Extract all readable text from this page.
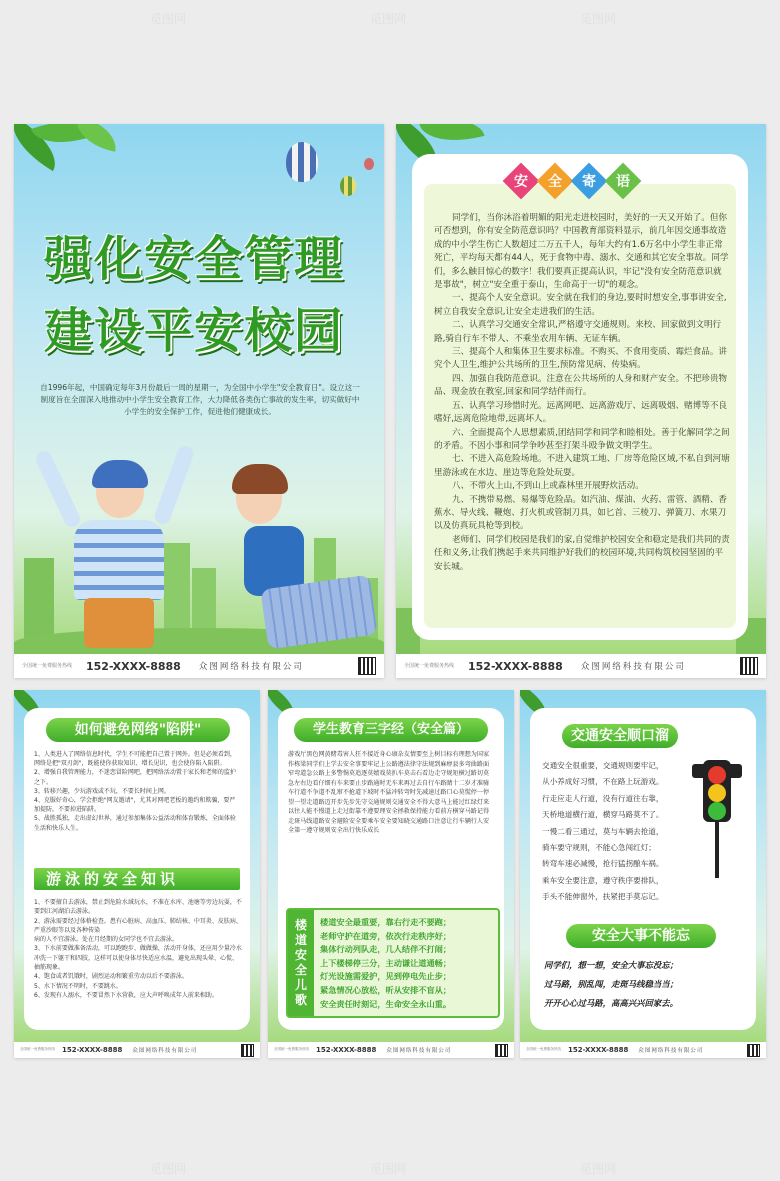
觅图网	觅图网	觅图网
觅图网	觅图网	觅图网
强化安全管理
建设平安校园
自1996年起，中国确定每年3月份最后一周的星期一，为全国中小学生"安全教育日"。设立这一制度旨在全面深入地推动中小学生安全教育工作，大力降低各类伤亡事故的发生率，切实做好中小学生的安全保护工作，促进他们健康成长。
全国统一免费服务热线	152-XXXX-8888 众图网络科技有限公司
安 全 寄 语

同学们，当你沐浴着明媚的阳光走进校园时，美好的一天又开始了。但你可否想到，你有安全防范意识吗？中国教育部资料显示，前几年因交通事故造成的中小学生伤亡人数超过二万五千人，每年大约有1.6万名中小学生非正常死亡，平均每天都有44人，死于食物中毒、溺水、交通和其它安全事故。同学们，多么触目惊心的数字！我们要真正提高认识，牢记"没有安全防范意识就是事故"，树立"安全重于泰山，生命高于一切"的观念。

一、提高个人安全意识。安全就在我们的身边,要时时想安全,事事讲安全,树立自我安全意识,让安全走进我们的生活。

二、认真学习交通安全常识,严格遵守交通规则。来校、回家做到文明行路,骑自行车不带人、不乘坐农用车辆、无证车辆。

三、提高个人和集体卫生要求标准。不购买、不食用变质、霉烂食品。讲究个人卫生,维护公共场所的卫生,预防常见病、传染病。

四、加强自我防范意识。注意在公共场所的人身和财产安全。不把珍贵物品、现金放在教室,回家和同学结伴而行。

五、认真学习珍惜时光。远离网吧、远离游戏厅、远离吸烟、赌博等不良嗜好,远离危险地带,远离坏人。

六、全面提高个人思想素质,团结同学和同学和睦相处。善于化解同学之间的矛盾。不因小事和同学争吵甚至打架斗殴争做文明学生。

七、不进入高危险场地。不进入建筑工地、厂房等危险区域,不私自到河塘里游泳或在水边、崖边等危险处玩耍。

八、不带火上山,不到山上或森林里开展野炊活动。

九、不携带易燃、易爆等危险品。如汽油、煤油、火药、雷管、酒精、香蕉水、导火线、鞭炮、打火机或管制刀具，如匕首、三棱刀、弹簧刀、水果刀以及仿真玩具枪等到校。

老师们、同学们校园是我们的家,自觉维护校园安全和稳定是我们共同的责任和义务,让我们携起手来共同维护好我们的校园环境,共同构筑校园坚固的平安长城。

全国统一免费服务热线	152-XXXX-8888 众图网络科技有限公司
如何避免网络"陷阱"
1、人类进入了网络信息时代，学生不可能把自己置于网外。但是必须看到，网络是把"双刃剑"，既能使你获取知识、增长见识，也会使你陷入陷阱。
2、增强自我管理能力，不迷恋冒险网吧，把网络活动置于家长和老师的监护之下。
3、转移兴趣，少玩游戏或不玩，不要长时间上网。
4、克服好奇心，学会拒绝"网友邀请"，尤其对网吧老板的邀约和欺骗，要严加提防，不要掉进陷阱。
5、战胜孤独，走出虚幻世界，通过参加集体公益活动和体育锻炼，全面体验生活和快乐人生。
游泳的安全知识
1、不要擅自去游泳，禁止到危险水域玩水，不准在水库、池塘等旁边玩耍，不要到江河湖泊去游泳。
2、游泳需要经过体格检查。患有心脏病、高血压、肺结核、中耳炎、皮肤病、严重沙眼等以及各种传染
病的人不宜游泳。处在月经期的女同学也不宜去游泳。
3、下水前要做准备活动，可以跑跑步、做做操，活动开身体，还应用少量冷水冲洗一下躯干和四肢，这样可以使身体尽快适应水温，避免出现头晕、心慌、抽筋现象。
4、饱食或者饥饿时，剧烈运动和繁重劳动以后不要游泳。
5、水下情况不明时，不要跳水。
6、发现有人溺水，不要冒然下水营救，应大声呼唤成年人前来相助。
全国统一免费服务热线	152-XXXX-8888 众图网络科技有限公司
学生教育三字经（安全篇）
游戏厅黑色网黄赌毒害人狂不接近身心康杂友情要至上树目标有理想为国家作栋梁同学们上学去安全事要牢记上公路遵法律守法规到麻痹县多弯曲路面窄弯道急公路上多警惕莫追逐莫嬉戏莫扒车莫击石看边走守规矩横过路切莫急左右边看仔细有车来要止步路通时无车来再过去自行车路睛十二岁才准骑车行道不争道不乱窜不抢道下坡时不猛冲转弯时先减速过路口心莫慌停一停望一望走道路迈开步先步先守交通规则交通安全不得大意马上能过红绿灯来以往人能不慢道上走过街靠不遵要理安全拯救保持能力看前方横穿马路记得走斑马线道路安全避险安全要乘车安全要知晓交通路口注意让行车辆行人安全第一遵守规则安全出行快乐成长
楼
道
安
全
儿
歌
楼道安全最重要，靠右行走不要跑；
老师守护在道旁，依次行走秩序好；
集体行动列队走，几人结伴不打闹；
上下楼梯停三分，主动谦让道通畅；
灯光设施需爱护，见到停电先止步；
紧急情况心放松，听从安排不盲从；
安全责任时刻记，生命安全永山重。
全国统一免费服务热线	152-XXXX-8888 众图网络科技有限公司
交通安全顺口溜
交通安全很重要，交通规则要牢记，
从小养成好习惯，不在路上玩游戏。
行走应走人行道，没有行道往右靠，
天桥地道横行道，横穿马路莫不了。
一慢二看三通过，莫与车辆去抢道，
骑车要守规则，不能心急闯红灯；
转弯车速必减慢，抢行猛拐酿车祸。
乘车安全要注意，遵守秩序要排队，
手头不能伸窗外，扶紧把手莫忘记。
安全大事不能忘
同学们，想一想，安全大事忘没忘；
过马路，别乱闯，走斑马线稳当当；
开开心心过马路，高高兴兴回家去。
全国统一免费服务热线	152-XXXX-8888 众图网络科技有限公司
